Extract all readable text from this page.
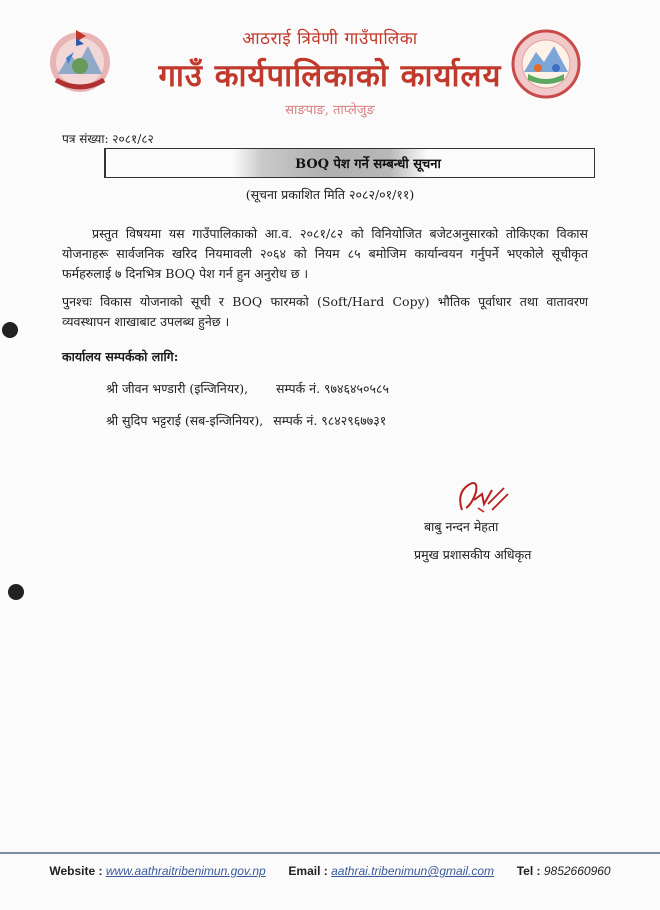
आठराई त्रिवेणी गाउँपालिका
गाउँ कार्यपालिकाको कार्यालय
साङपाङ, ताप्लेजुङ
पत्र संख्या: २०८१/८२
BOQ पेश गर्ने सम्बन्धी सूचना
(सूचना प्रकाशित मिति २०८२/०१/११)
प्रस्तुत विषयमा यस गाउँपालिकाको आ.व. २०८१/८२ को विनियोजित बजेटअनुसारको तोकिएका विकास योजनाहरू सार्वजनिक खरिद नियमावली २०६४ को नियम ८५ बमोजिम कार्यान्वयन गर्नुपर्ने भएकोले सूचीकृत फर्महरुलाई ७ दिनभित्र BOQ पेश गर्न हुन अनुरोध छ ।
पुनश्चः विकास योजनाको सूची र BOQ फारमको (Soft/Hard Copy) भौतिक पूर्वाधार तथा वातावरण व्यवस्थापन शाखाबाट उपलब्ध हुनेछ ।
कार्यालय सम्पर्कको लागि:
श्री जीवन भण्डारी (इन्जिनियर), सम्पर्क नं. ९७४६४५०५८५
श्री सुदिप भट्टराई (सब-इन्जिनियर), सम्पर्क नं. ९८४२९६७७३१
बाबु नन्दन मेहता
प्रमुख प्रशासकीय अधिकृत
Website : www.aathraitribenimun.gov.np Email : aathrai.tribenimun@gmail.com Tel : 9852660960
